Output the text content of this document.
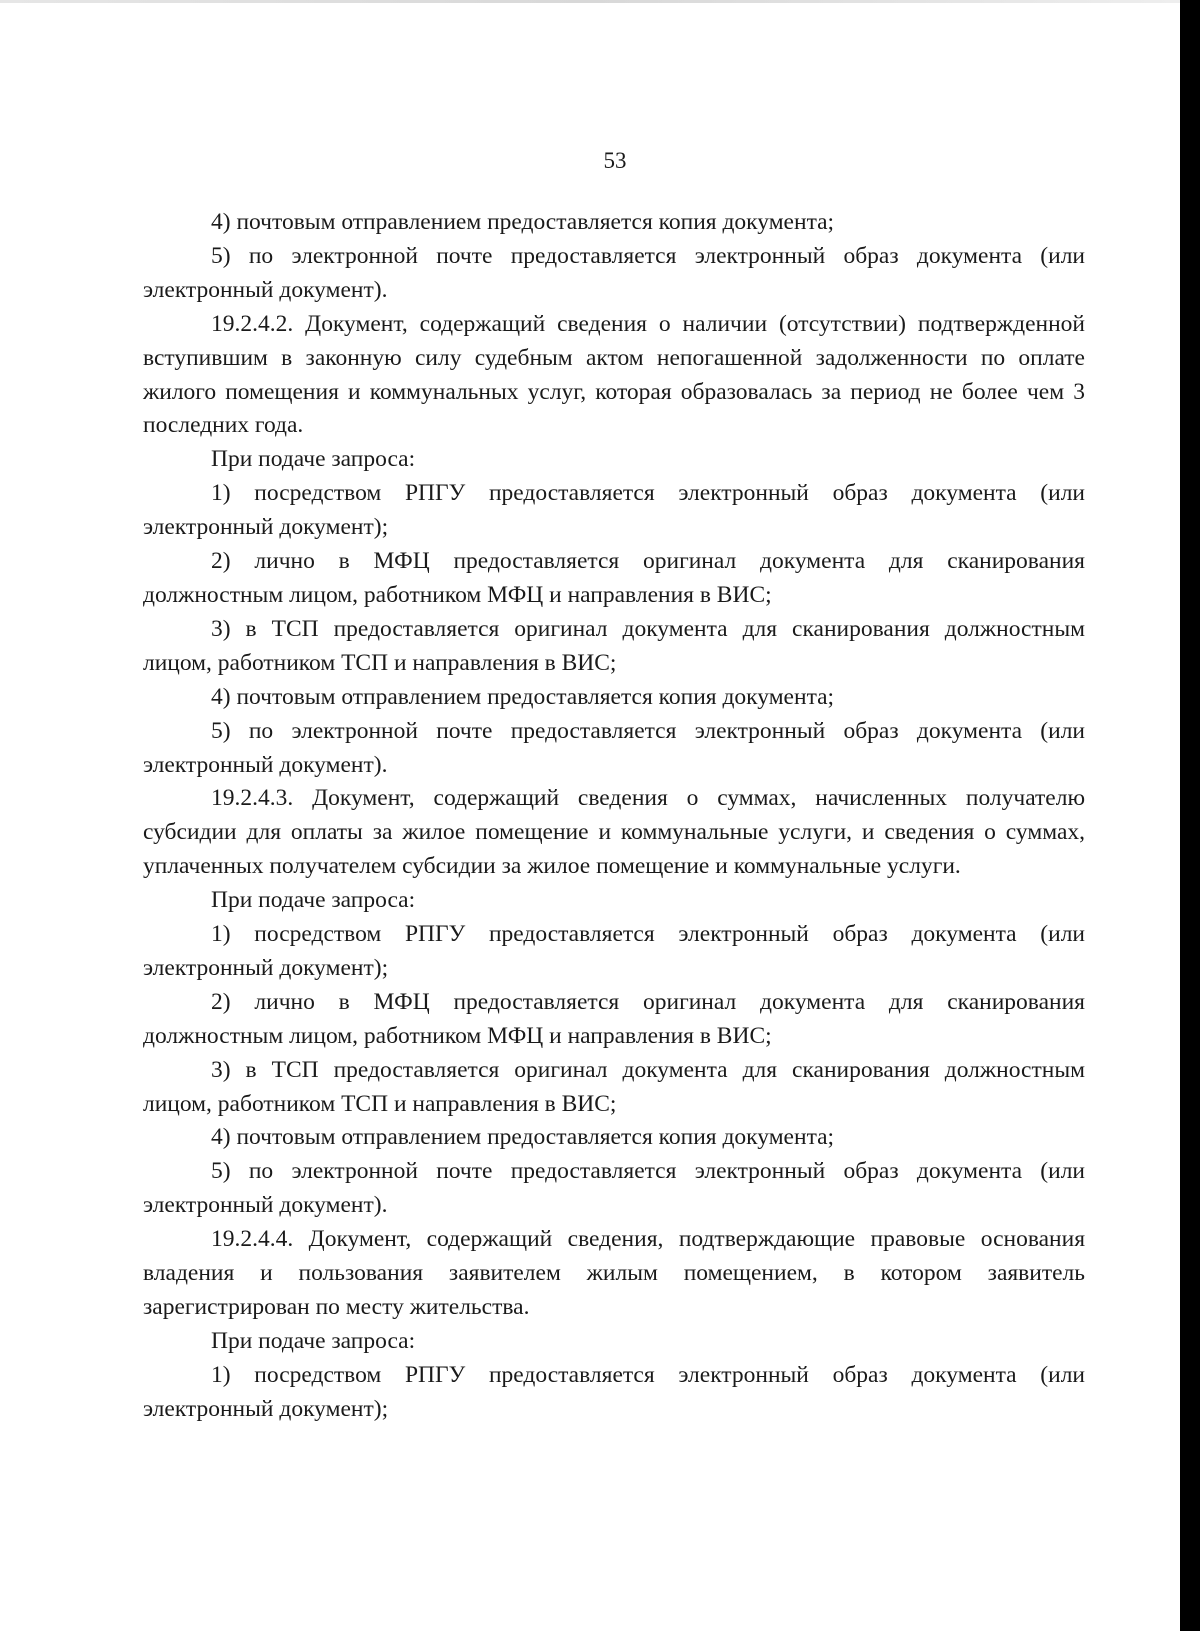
53

4) почтовым отправлением предоставляется копия документа;

5) по электронной почте предоставляется электронный образ документа (или электронный документ).

19.2.4.2. Документ, содержащий сведения о наличии (отсутствии) подтвержденной вступившим в законную силу судебным актом непогашенной задолженности по оплате жилого помещения и коммунальных услуг, которая образовалась за период не более чем 3 последних года.

При подаче запроса:

1) посредством РПГУ предоставляется электронный образ документа (или электронный документ);

2) лично в МФЦ предоставляется оригинал документа для сканирования должностным лицом, работником МФЦ и направления в ВИС;

3) в ТСП предоставляется оригинал документа для сканирования должностным лицом, работником ТСП и направления в ВИС;

4) почтовым отправлением предоставляется копия документа;

5) по электронной почте предоставляется электронный образ документа (или электронный документ).

19.2.4.3. Документ, содержащий сведения о суммах, начисленных получателю субсидии для оплаты за жилое помещение и коммунальные услуги, и сведения о суммах, уплаченных получателем субсидии за жилое помещение и коммунальные услуги.

При подаче запроса:

1) посредством РПГУ предоставляется электронный образ документа (или электронный документ);

2) лично в МФЦ предоставляется оригинал документа для сканирования должностным лицом, работником МФЦ и направления в ВИС;

3) в ТСП предоставляется оригинал документа для сканирования должностным лицом, работником ТСП и направления в ВИС;

4) почтовым отправлением предоставляется копия документа;

5) по электронной почте предоставляется электронный образ документа (или электронный документ).

19.2.4.4. Документ, содержащий сведения, подтверждающие правовые основания владения и пользования заявителем жилым помещением, в котором заявитель зарегистрирован по месту жительства.

При подаче запроса:

1) посредством РПГУ предоставляется электронный образ документа (или электронный документ);
